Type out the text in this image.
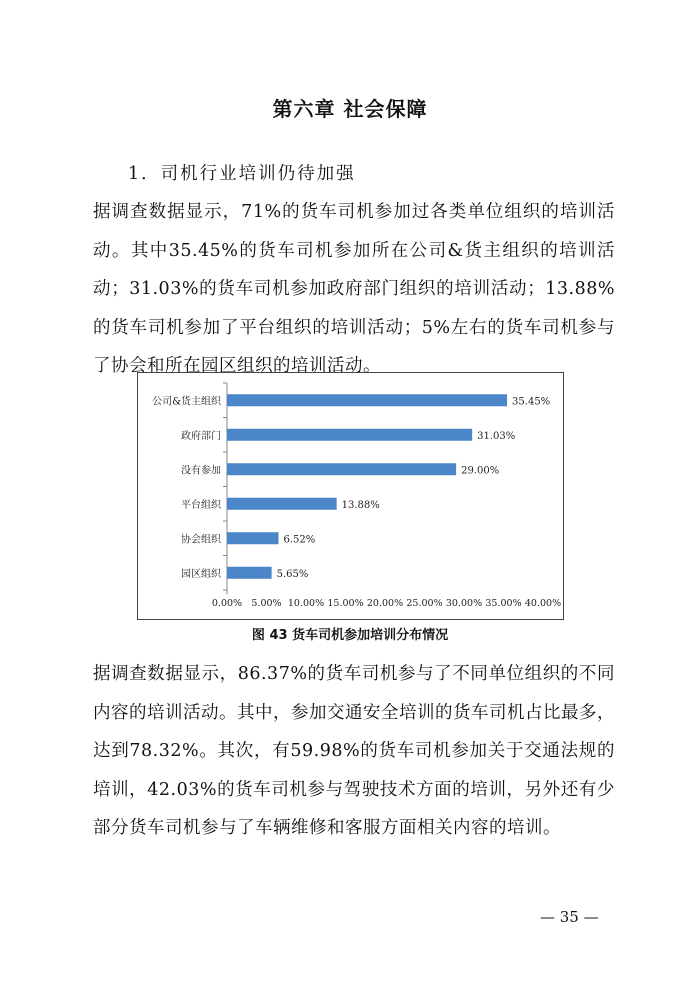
第六章 社会保障
1．司机行业培训仍待加强

据调查数据显示，71%的货车司机参加过各类单位组织的培训活动。其中35.45%的货车司机参加所在公司&货主组织的培训活动；31.03%的货车司机参加政府部门组织的培训活动；13.88%的货车司机参加了平台组织的培训活动；5%左右的货车司机参与了协会和所在园区组织的培训活动。

公司&货主组织	35.45%
政府部门	31.03%
没有参加	29.00%
平台组织	13.88%
协会组织	6.52%
园区组织	5.65%
0.00% 5.00% 10.00% 15.00% 20.00% 25.00% 30.00% 35.00% 40.00%
图 43 货车司机参加培训分布情况

据调查数据显示，86.37%的货车司机参与了不同单位组织的不同内容的培训活动。其中，参加交通安全培训的货车司机占比最多，达到78.32%。其次，有59.98%的货车司机参加关于交通法规的培训，42.03%的货车司机参与驾驶技术方面的培训，另外还有少部分货车司机参与了车辆维修和客服方面相关内容的培训。

— 35 —
